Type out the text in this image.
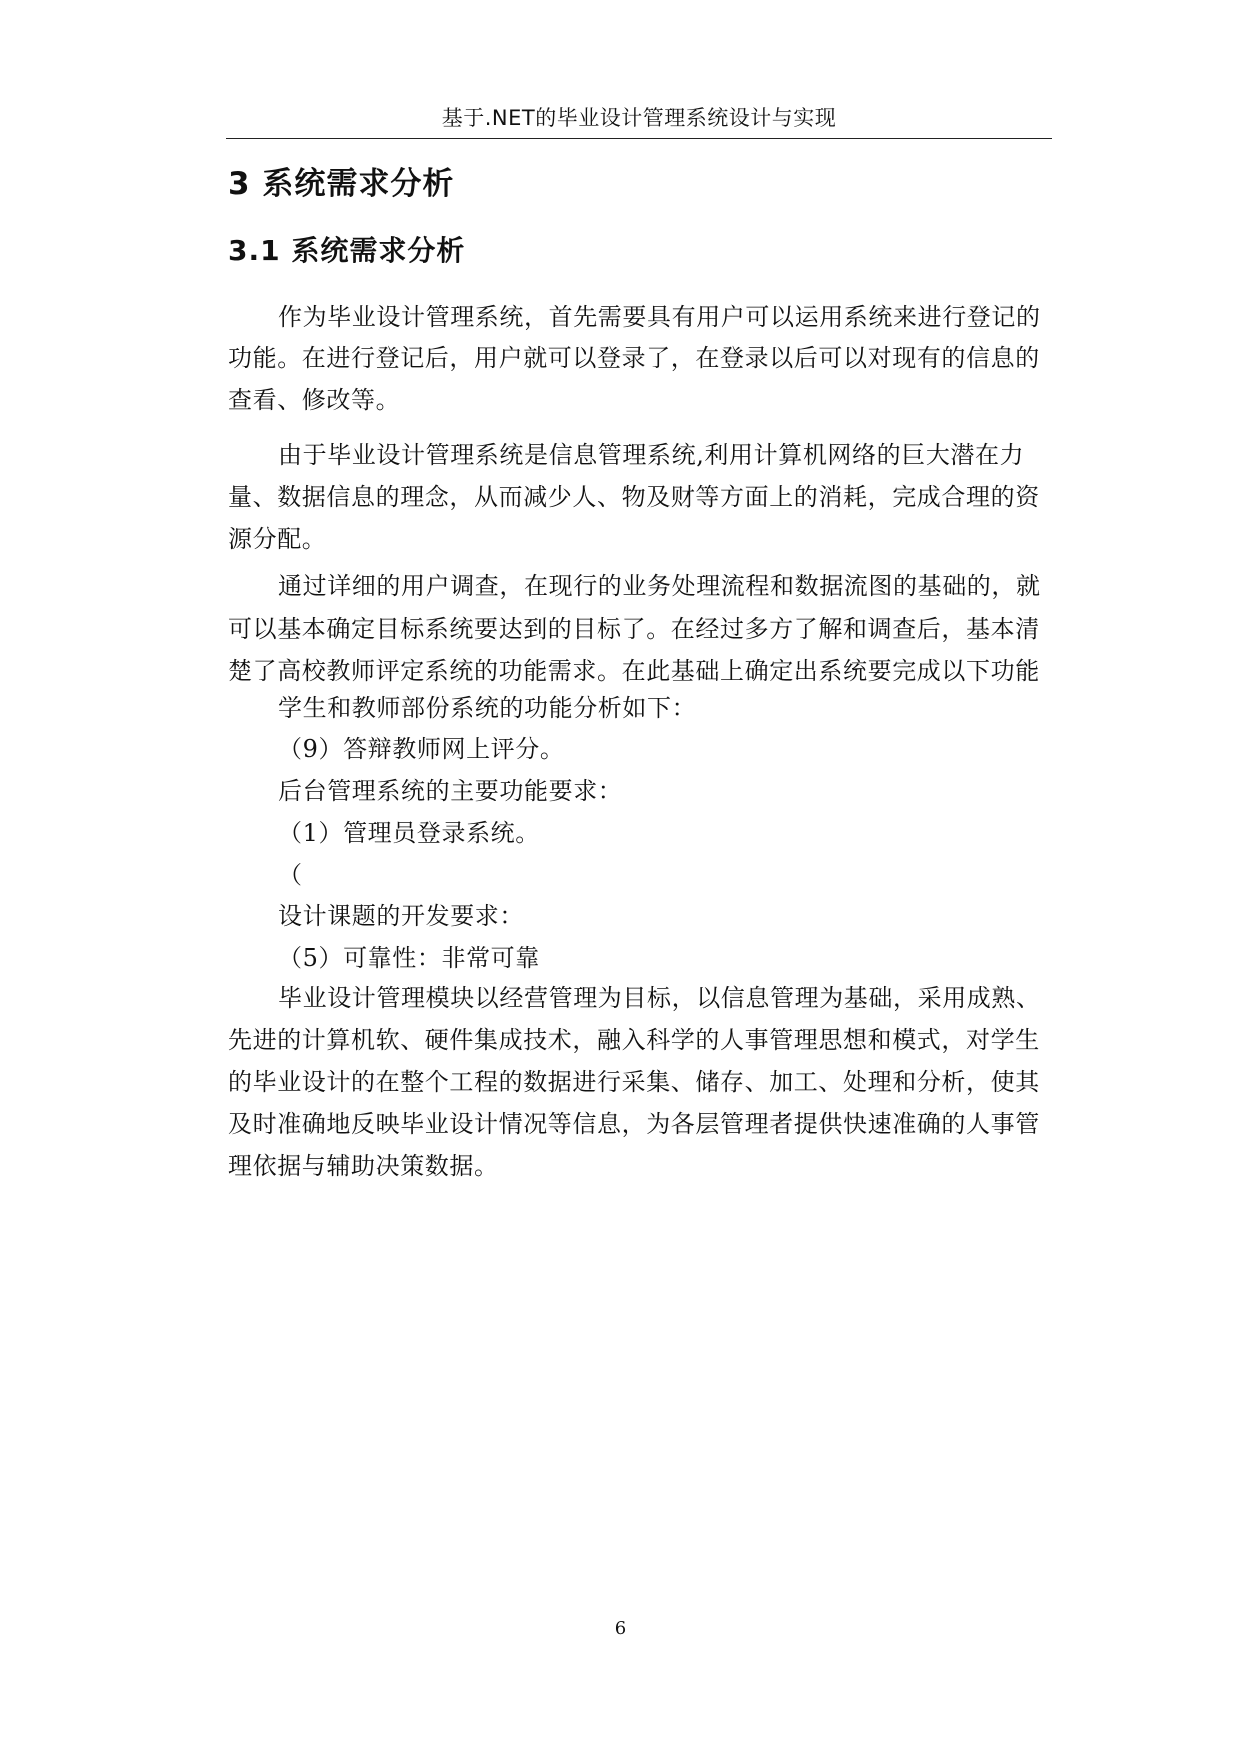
基于.NET的毕业设计管理系统设计与实现
3 系统需求分析
3.1 系统需求分析
作为毕业设计管理系统，首先需要具有用户可以运用系统来进行登记的
功能。在进行登记后，用户就可以登录了，在登录以后可以对现有的信息的
查看、修改等。
由于毕业设计管理系统是信息管理系统,利用计算机网络的巨大潜在力
量、数据信息的理念，从而减少人、物及财等方面上的消耗，完成合理的资
源分配。
通过详细的用户调查，在现行的业务处理流程和数据流图的基础的，就
可以基本确定目标系统要达到的目标了。在经过多方了解和调查后，基本清
楚了高校教师评定系统的功能需求。在此基础上确定出系统要完成以下功能
学生和教师部份系统的功能分析如下：
（9）答辩教师网上评分。
后台管理系统的主要功能要求：
（1）管理员登录系统。
（
设计课题的开发要求：
（5）可靠性：非常可靠
毕业设计管理模块以经营管理为目标，以信息管理为基础，采用成熟、
先进的计算机软、硬件集成技术，融入科学的人事管理思想和模式，对学生
的毕业设计的在整个工程的数据进行采集、储存、加工、处理和分析，使其
及时准确地反映毕业设计情况等信息，为各层管理者提供快速准确的人事管
理依据与辅助决策数据。
6
